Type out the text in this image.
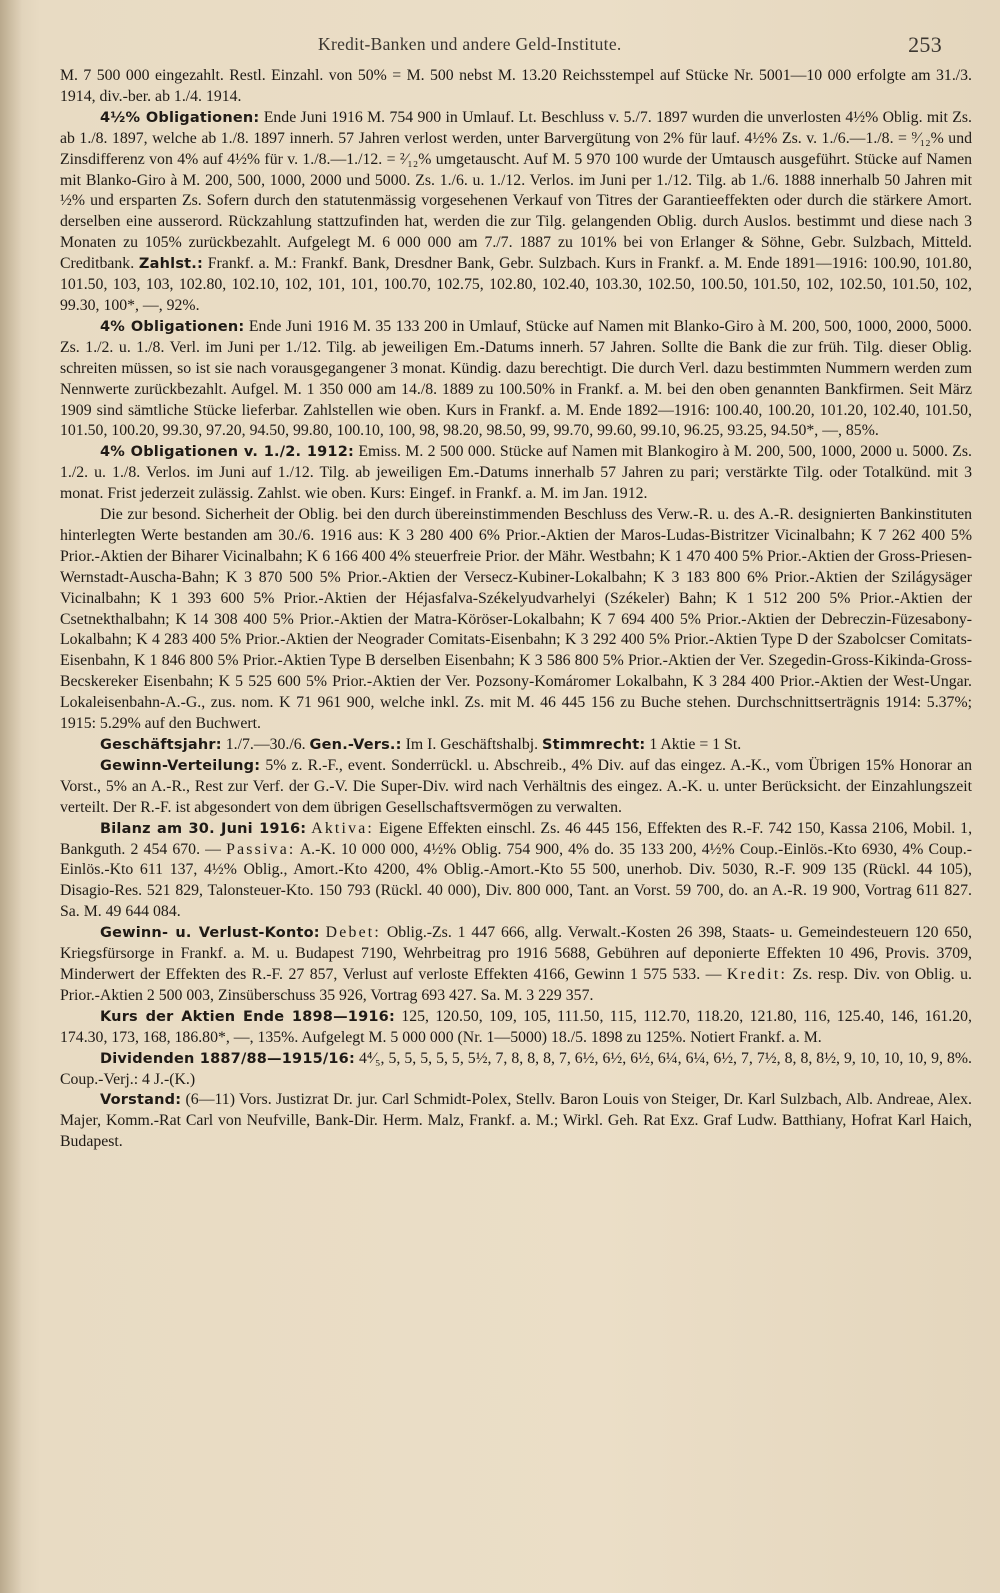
Kredit-Banken und andere Geld-Institute.	253

M. 7 500 000 eingezahlt. Restl. Einzahl. von 50% = M. 500 nebst M. 13.20 Reichsstempel auf Stücke Nr. 5001—10 000 erfolgte am 31./3. 1914, div.-ber. ab 1./4. 1914.

4½% Obligationen: Ende Juni 1916 M. 754 900 in Umlauf. Lt. Beschluss v. 5./7. 1897 wurden die unverlosten 4½% Oblig. mit Zs. ab 1./8. 1897, welche ab 1./8. 1897 innerh. 57 Jahren verlost werden, unter Barvergütung von 2% für lauf. 4½% Zs. v. 1./6.—1./8. = ⁹⁄₁₂% und Zinsdifferenz von 4% auf 4½% für v. 1./8.—1./12. = ²⁄₁₂% umgetauscht. Auf M. 5 970 100 wurde der Umtausch ausgeführt. Stücke auf Namen mit Blanko-Giro à M. 200, 500, 1000, 2000 und 5000. Zs. 1./6. u. 1./12. Verlos. im Juni per 1./12. Tilg. ab 1./6. 1888 innerhalb 50 Jahren mit ½% und ersparten Zs. Sofern durch den statutenmässig vorgesehenen Verkauf von Titres der Garantieeffekten oder durch die stärkere Amort. derselben eine ausserord. Rückzahlung stattzufinden hat, werden die zur Tilg. gelangenden Oblig. durch Auslos. bestimmt und diese nach 3 Monaten zu 105% zurückbezahlt. Aufgelegt M. 6 000 000 am 7./7. 1887 zu 101% bei von Erlanger & Söhne, Gebr. Sulzbach, Mitteld. Creditbank. Zahlst.: Frankf. a. M.: Frankf. Bank, Dresdner Bank, Gebr. Sulzbach. Kurs in Frankf. a. M. Ende 1891—1916: 100.90, 101.80, 101.50, 103, 103, 102.80, 102.10, 102, 101, 101, 100.70, 102.75, 102.80, 102.40, 103.30, 102.50, 100.50, 101.50, 102, 102.50, 101.50, 102, 99.30, 100*, —, 92%.

4% Obligationen: Ende Juni 1916 M. 35 133 200 in Umlauf, Stücke auf Namen mit Blanko-Giro à M. 200, 500, 1000, 2000, 5000. Zs. 1./2. u. 1./8. Verl. im Juni per 1./12. Tilg. ab jeweiligen Em.-Datums innerh. 57 Jahren. Sollte die Bank die zur früh. Tilg. dieser Oblig. schreiten müssen, so ist sie nach vorausgegangener 3 monat. Kündig. dazu berechtigt. Die durch Verl. dazu bestimmten Nummern werden zum Nennwerte zurückbezahlt. Aufgel. M. 1 350 000 am 14./8. 1889 zu 100.50% in Frankf. a. M. bei den oben genannten Bankfirmen. Seit März 1909 sind sämtliche Stücke lieferbar. Zahlstellen wie oben. Kurs in Frankf. a. M. Ende 1892—1916: 100.40, 100.20, 101.20, 102.40, 101.50, 101.50, 100.20, 99.30, 97.20, 94.50, 99.80, 100.10, 100, 98, 98.20, 98.50, 99, 99.70, 99.60, 99.10, 96.25, 93.25, 94.50*, —, 85%.

4% Obligationen v. 1./2. 1912: Emiss. M. 2 500 000. Stücke auf Namen mit Blankogiro à M. 200, 500, 1000, 2000 u. 5000. Zs. 1./2. u. 1./8. Verlos. im Juni auf 1./12. Tilg. ab jeweiligen Em.-Datums innerhalb 57 Jahren zu pari; verstärkte Tilg. oder Totalkünd. mit 3 monat. Frist jederzeit zulässig. Zahlst. wie oben. Kurs: Eingef. in Frankf. a. M. im Jan. 1912.

Die zur besond. Sicherheit der Oblig. bei den durch übereinstimmenden Beschluss des Verw.-R. u. des A.-R. designierten Bankinstituten hinterlegten Werte bestanden am 30./6. 1916 aus: K 3 280 400 6% Prior.-Aktien der Maros-Ludas-Bistritzer Vicinalbahn; K 7 262 400 5% Prior.-Aktien der Biharer Vicinalbahn; K 6 166 400 4% steuerfreie Prior. der Mähr. Westbahn; K 1 470 400 5% Prior.-Aktien der Gross-Priesen-Wernstadt-Auscha-Bahn; K 3 870 500 5% Prior.-Aktien der Versecz-Kubiner-Lokalbahn; K 3 183 800 6% Prior.-Aktien der Szilágysäger Vicinalbahn; K 1 393 600 5% Prior.-Aktien der Héjasfalva-Székelyudvarhelyi (Székeler) Bahn; K 1 512 200 5% Prior.-Aktien der Csetnekthalbahn; K 14 308 400 5% Prior.-Aktien der Matra-Köröser-Lokalbahn; K 7 694 400 5% Prior.-Aktien der Debreczin-Füzesabony-Lokalbahn; K 4 283 400 5% Prior.-Aktien der Neograder Comitats-Eisenbahn; K 3 292 400 5% Prior.-Aktien Type D der Szabolcser Comitats-Eisenbahn, K 1 846 800 5% Prior.-Aktien Type B derselben Eisenbahn; K 3 586 800 5% Prior.-Aktien der Ver. Szegedin-Gross-Kikinda-Gross-Becskereker Eisenbahn; K 5 525 600 5% Prior.-Aktien der Ver. Pozsony-Komáromer Lokalbahn, K 3 284 400 Prior.-Aktien der West-Ungar. Lokaleisenbahn-A.-G., zus. nom. K 71 961 900, welche inkl. Zs. mit M. 46 445 156 zu Buche stehen. Durchschnittserträgnis 1914: 5.37%; 1915: 5.29% auf den Buchwert.

Geschäftsjahr: 1./7.—30./6. Gen.-Vers.: Im I. Geschäftshalbj. Stimmrecht: 1 Aktie = 1 St.

Gewinn-Verteilung: 5% z. R.-F., event. Sonderrückl. u. Abschreib., 4% Div. auf das eingez. A.-K., vom Übrigen 15% Honorar an Vorst., 5% an A.-R., Rest zur Verf. der G.-V. Die Super-Div. wird nach Verhältnis des eingez. A.-K. u. unter Berücksicht. der Einzahlungszeit verteilt. Der R.-F. ist abgesondert von dem übrigen Gesellschaftsvermögen zu verwalten.

Bilanz am 30. Juni 1916: Aktiva: Eigene Effekten einschl. Zs. 46 445 156, Effekten des R.-F. 742 150, Kassa 2106, Mobil. 1, Bankguth. 2 454 670. — Passiva: A.-K. 10 000 000, 4½% Oblig. 754 900, 4% do. 35 133 200, 4½% Coup.-Einlös.-Kto 6930, 4% Coup.-Einlös.-Kto 611 137, 4½% Oblig., Amort.-Kto 4200, 4% Oblig.-Amort.-Kto 55 500, unerhob. Div. 5030, R.-F. 909 135 (Rückl. 44 105), Disagio-Res. 521 829, Talonsteuer-Kto. 150 793 (Rückl. 40 000), Div. 800 000, Tant. an Vorst. 59 700, do. an A.-R. 19 900, Vortrag 611 827. Sa. M. 49 644 084.

Gewinn- u. Verlust-Konto: Debet: Oblig.-Zs. 1 447 666, allg. Verwalt.-Kosten 26 398, Staats- u. Gemeindesteuern 120 650, Kriegsfürsorge in Frankf. a. M. u. Budapest 7190, Wehrbeitrag pro 1916 5688, Gebühren auf deponierte Effekten 10 496, Provis. 3709, Minderwert der Effekten des R.-F. 27 857, Verlust auf verloste Effekten 4166, Gewinn 1 575 533. — Kredit: Zs. resp. Div. von Oblig. u. Prior.-Aktien 2 500 003, Zinsüberschuss 35 926, Vortrag 693 427. Sa. M. 3 229 357.

Kurs der Aktien Ende 1898—1916: 125, 120.50, 109, 105, 111.50, 115, 112.70, 118.20, 121.80, 116, 125.40, 146, 161.20, 174.30, 173, 168, 186.80*, —, 135%. Aufgelegt M. 5 000 000 (Nr. 1—5000) 18./5. 1898 zu 125%. Notiert Frankf. a. M.

Dividenden 1887/88—1915/16: 4⁴⁄₅, 5, 5, 5, 5, 5, 5½, 7, 8, 8, 8, 7, 6½, 6½, 6½, 6¼, 6¼, 6½, 7, 7½, 8, 8, 8½, 9, 10, 10, 10, 9, 8%. Coup.-Verj.: 4 J.-(K.)

Vorstand: (6—11) Vors. Justizrat Dr. jur. Carl Schmidt-Polex, Stellv. Baron Louis von Steiger, Dr. Karl Sulzbach, Alb. Andreae, Alex. Majer, Komm.-Rat Carl von Neufville, Bank-Dir. Herm. Malz, Frankf. a. M.; Wirkl. Geh. Rat Exz. Graf Ludw. Batthiany, Hofrat Karl Haich, Budapest.
